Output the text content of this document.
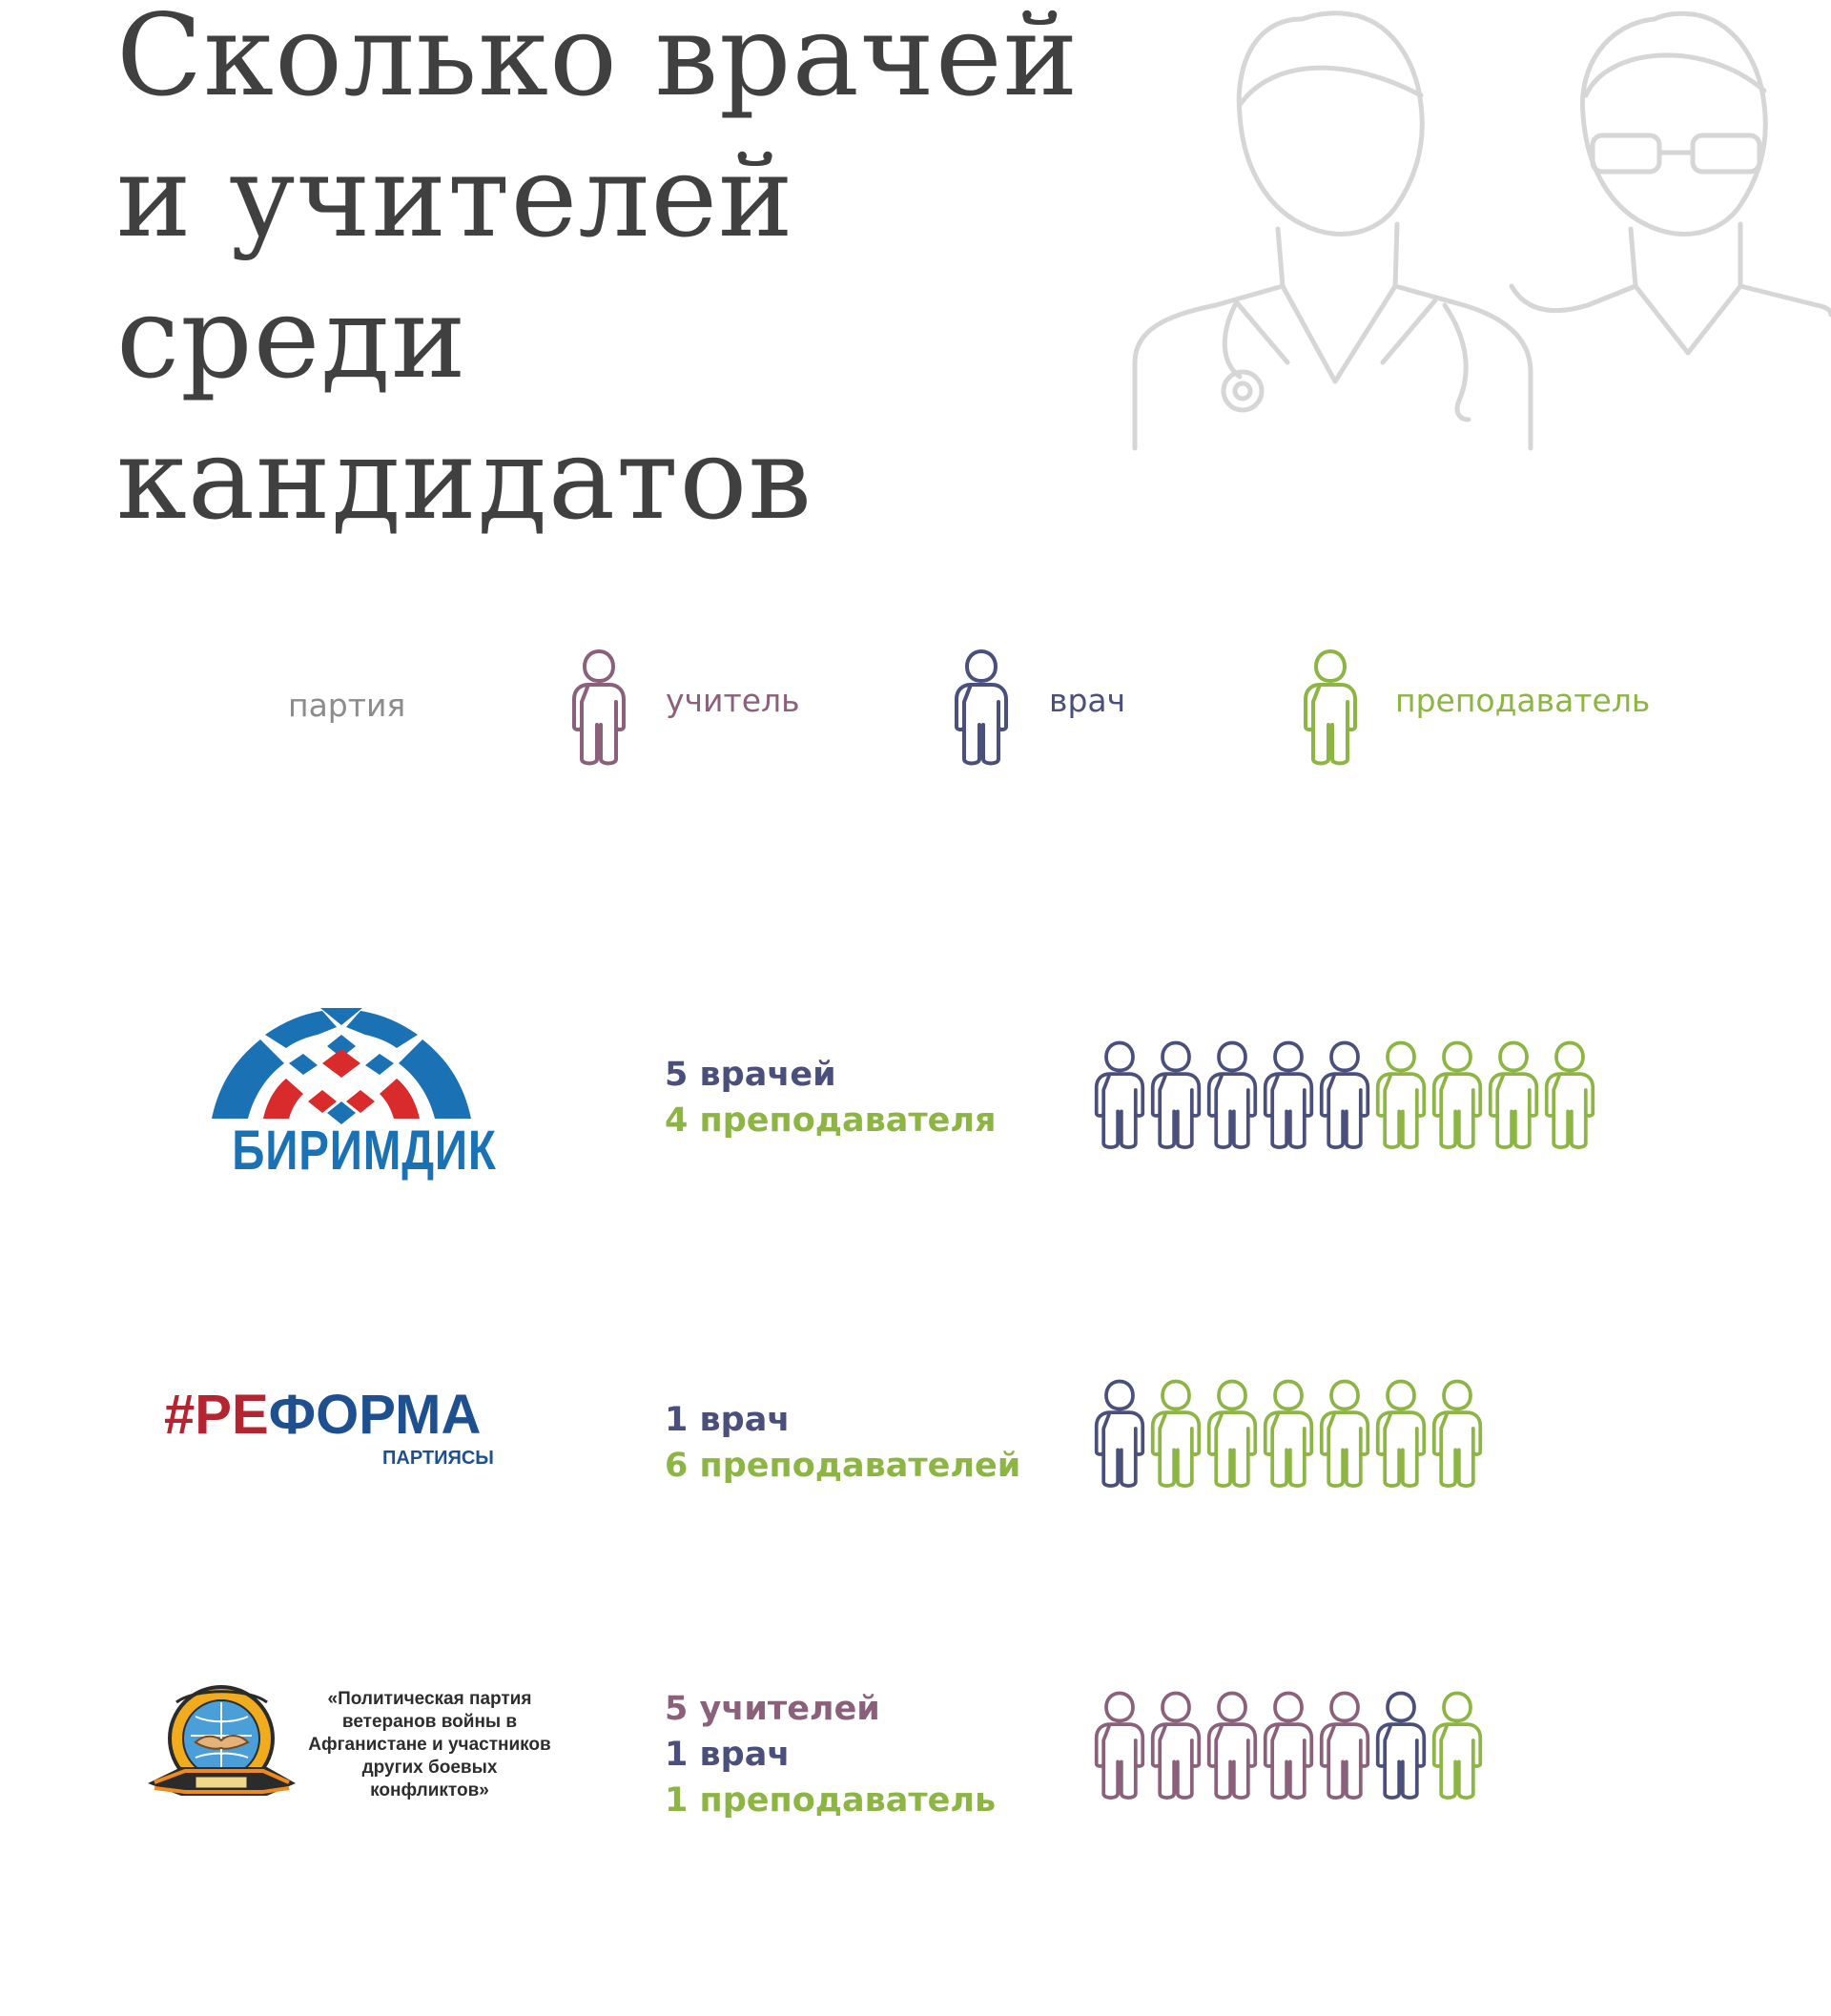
Сколько врачей
и учителей среди
кандидатов
партия	учитель	врач	преподаватель
БИРИМДИК
5 врачей
4 преподавателя
#РЕФОРМА
ПАРТИЯСЫ
1 врач
6 преподавателей
«Политическая партия ветеранов войны в Афганистане и участников других боевых конфликтов»
5 учителей
1 врач
1 преподаватель
